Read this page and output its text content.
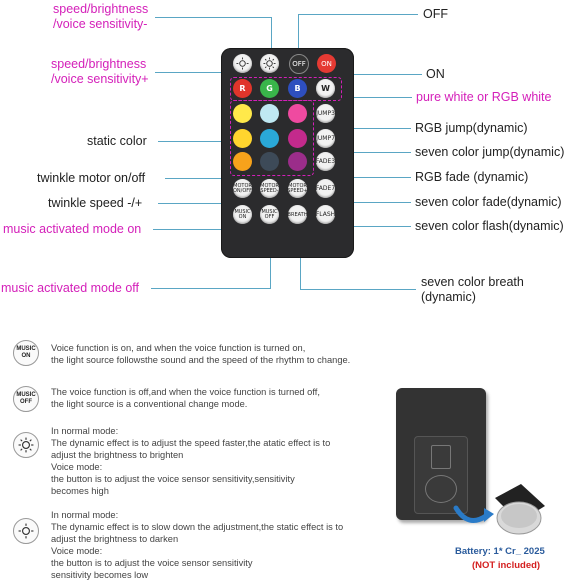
speed/brightness
/voice sensitivity-
OFF
speed/brightness
/voice sensitivity+	ON
pure white or RGB white
RGB jump(dynamic)
seven color jump(dynamic)
static color
RGB fade (dynamic)
twinkle motor on/off
seven color fade(dynamic)
twinkle speed -/+
seven color flash(dynamic)
music activated mode on
music activated mode off	seven color breath
(dynamic)
OFF	ON
R	G	B	W
JUMP3
JUMP7
FADE3
MOTOR
ON/OFF
MOTOR
SPEED-
MOTOR
SPEED+ FADE7
MUSIC
ON
MUSIC
OFF	BREATH FLASH
MUSIC
ON
Voice function is on, and when the voice function is turned on,
the light source followsthe sound and the speed of the rhythm to change.
MUSIC
OFF
The voice function is off,and when the voice function is turned off,
the light source is a conventional change mode.
In normal mode:
The dynamic effect is to adjust the speed faster,the atatic effect is to
adjust the brightness to brighten
Voice mode:
the button is to adjust the voice sensor sensitivity,sensitivity
becomes high
In normal mode:
The dynamic effect is to slow down the adjustment,the static effect is to
adjust the brightness to darken
Voice mode:
the button is to adjust the voice sensor sensitivity
sensitivity becomes low
Battery: 1* Cr_ 2025
(NOT included)
